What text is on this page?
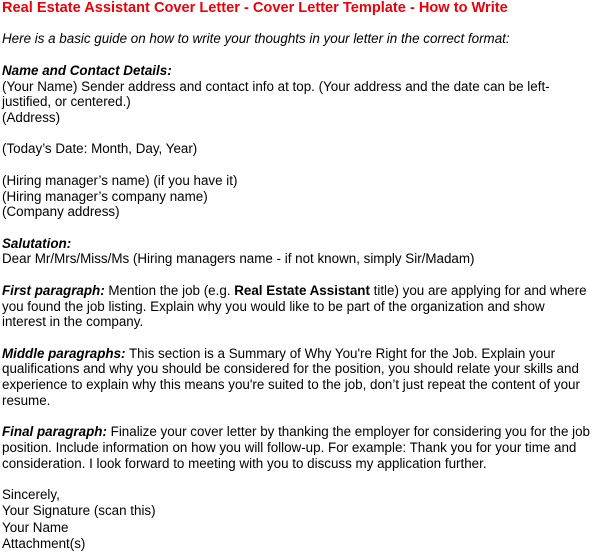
Real Estate Assistant Cover Letter - Cover Letter Template - How to Write
Here is a basic guide on how to write your thoughts in your letter in the correct format:
Name and Contact Details:
(Your Name) Sender address and contact info at top. (Your address and the date can be left-
justified, or centered.)
(Address)
(Today’s Date: Month, Day, Year)
(Hiring manager’s name) (if you have it)
(Hiring manager’s company name)
(Company address)
Salutation:
Dear Mr/Mrs/Miss/Ms (Hiring managers name - if not known, simply Sir/Madam)
First paragraph: Mention the job (e.g. Real Estate Assistant title) you are applying for and where
you found the job listing. Explain why you would like to be part of the organization and show
interest in the company.
Middle paragraphs: This section is a Summary of Why You're Right for the Job. Explain your
qualifications and why you should be considered for the position, you should relate your skills and
experience to explain why this means you're suited to the job, don’t just repeat the content of your
resume.
Final paragraph: Finalize your cover letter by thanking the employer for considering you for the job
position. Include information on how you will follow-up. For example: Thank you for your time and
consideration. I look forward to meeting with you to discuss my application further.
Sincerely,
Your Signature (scan this)
Your Name
Attachment(s)
